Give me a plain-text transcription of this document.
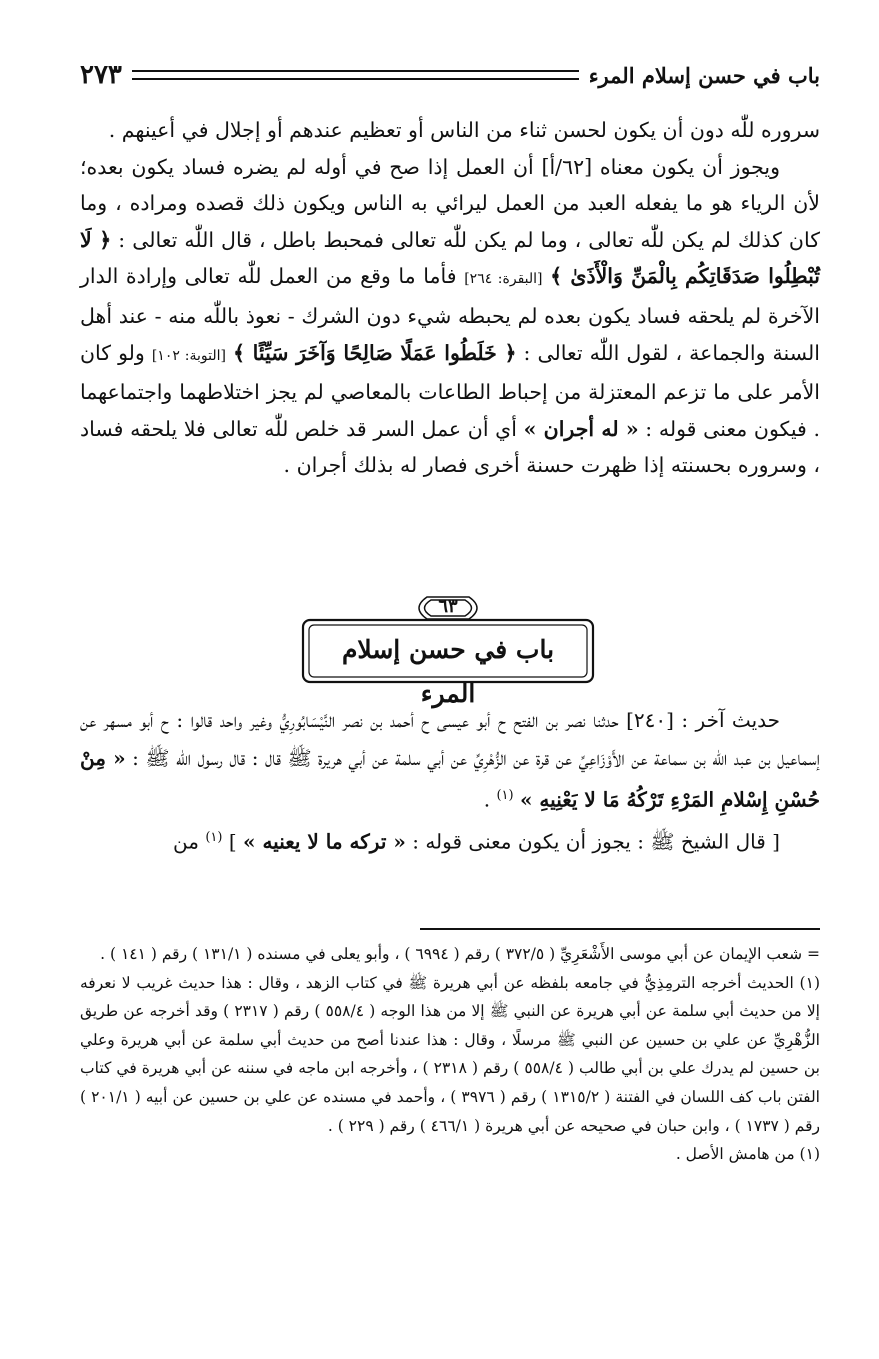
باب في حسن إسلام المرء
٢٧٣

سروره للّٰه دون أن يكون لحسن ثناء من الناس أو تعظيم عندهم أو إجلال في أعينهم .

ويجوز أن يكون معناه [٦٢/أ] أن العمل إذا صح في أوله لم يضره فساد يكون بعده؛ لأن الرياء هو ما يفعله العبد من العمل ليرائي به الناس ويكون ذلك قصده ومراده ، وما كان كذلك لم يكن للّٰه تعالى ، وما لم يكن للّٰه تعالى فمحبط باطل ، قال اللّٰه تعالى : ﴿ لَا تُبْطِلُوا صَدَقَاتِكُم بِالْمَنِّ وَالْأَذَىٰ ﴾ [البقرة: ٢٦٤] فأما ما وقع من العمل للّٰه تعالى وإرادة الدار الآخرة لم يلحقه فساد يكون بعده لم يحبطه شيء دون الشرك - نعوذ باللّٰه منه - عند أهل السنة والجماعة ، لقول اللّٰه تعالى : ﴿ خَلَطُوا عَمَلًا صَالِحًا وَآخَرَ سَيِّئًا ﴾ [التوبة: ١٠٢] ولو كان الأمر على ما تزعم المعتزلة من إحباط الطاعات بالمعاصي لم يجز اختلاطهما واجتماعهما . فيكون معنى قوله : « له أجران » أي أن عمل السر قد خلص للّٰه تعالى فلا يلحقه فساد ، وسروره بحسنته إذا ظهرت حسنة أخرى فصار له بذلك أجران .

٦٣
باب في حسن إسلام المرء

حديث آخر : [٢٤٠] حدثنا نصر بن الفتح ح أبو عيسى ح أحمد بن نصر النَّيْسَابُورِيُّ وغير واحد قالوا : ح أبو مسهر عن إسماعيل بن عبد اللّٰه بن سماعة عن الأَوْزَاعِيِّ عن قرة عن الزُّهْرِيِّ عن أبي سلمة عن أبي هريرة ﷺ قال : قال رسول اللّٰه ﷺ : « مِنْ حُسْنِ إِسْلامِ المَرْءِ تَرْكُهُ مَا لا يَعْنِيهِ » $^{(١)}$ .

[ قال الشيخ ﷺ : يجوز أن يكون معنى قوله : « تركه ما لا يعنيه » ] $^{(١)}$ من

= شعب الإيمان عن أبي موسى الأَشْعَرِيِّ ( ٣٧٢/٥ ) رقم ( ٦٩٩٤ ) ، وأبو يعلى في مسنده ( ١٣١/١ ) رقم ( ١٤١ ) .

(١) الحديث أخرجه الترمِذِيُّ في جامعه بلفظه عن أبي هريرة ﷺ في كتاب الزهد ، وقال : هذا حديث غريب لا نعرفه إلا من حديث أبي سلمة عن أبي هريرة عن النبي ﷺ إلا من هذا الوجه ( ٥٥٨/٤ ) رقم ( ٢٣١٧ ) وقد أخرجه عن طريق الزُّهْرِيِّ عن علي بن حسين عن النبي ﷺ مرسلًا ، وقال : هذا عندنا أصح من حديث أبي سلمة عن أبي هريرة وعلي بن حسين لم يدرك علي بن أبي طالب ( ٥٥٨/٤ ) رقم ( ٢٣١٨ ) ، وأخرجه ابن ماجه في سننه عن أبي هريرة في كتاب الفتن باب كف اللسان في الفتنة ( ١٣١٥/٢ ) رقم ( ٣٩٧٦ ) ، وأحمد في مسنده عن علي بن حسين عن أبيه ( ٢٠١/١ ) رقم ( ١٧٣٧ ) ، وابن حبان في صحيحه عن أبي هريرة ( ٤٦٦/١ ) رقم ( ٢٢٩ ) .

(١) من هامش الأصل .
